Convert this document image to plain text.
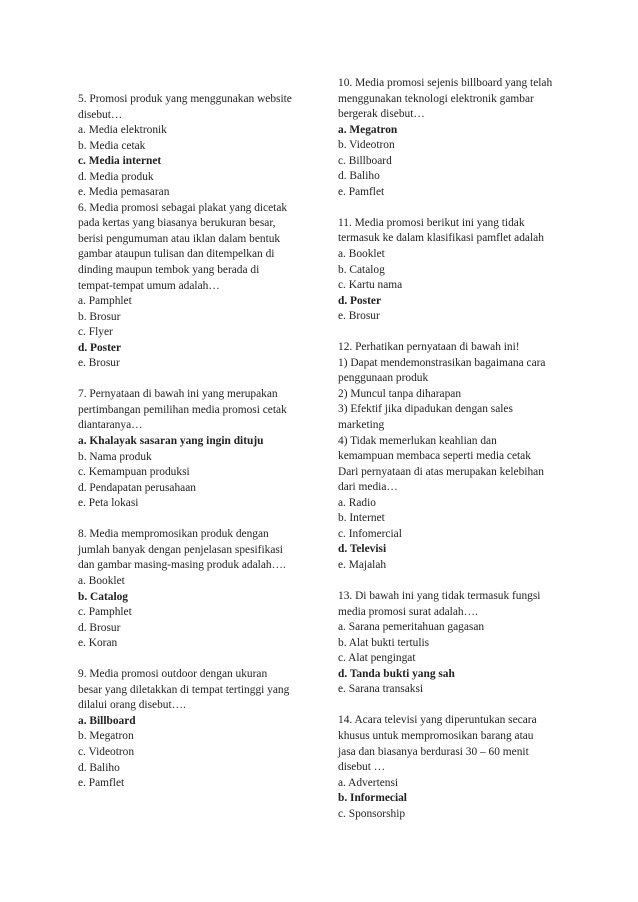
5. Promosi produk yang menggunakan website
disebut…
a. Media elektronik
b. Media cetak
c. Media internet
d. Media produk
e. Media pemasaran
6. Media promosi sebagai plakat yang dicetak
pada kertas yang biasanya berukuran besar,
berisi pengumuman atau iklan dalam bentuk
gambar ataupun tulisan dan ditempelkan di
dinding maupun tembok yang berada di
tempat-tempat umum adalah…
a. Pamphlet
b. Brosur
c. Flyer
d. Poster
e. Brosur
7. Pernyataan di bawah ini yang merupakan
pertimbangan pemilihan media promosi cetak
diantaranya…
a. Khalayak sasaran yang ingin dituju
b. Nama produk
c. Kemampuan produksi
d. Pendapatan perusahaan
e. Peta lokasi
8. Media mempromosikan produk dengan
jumlah banyak dengan penjelasan spesifikasi
dan gambar masing-masing produk adalah….
a. Booklet
b. Catalog
c. Pamphlet
d. Brosur
e. Koran
9. Media promosi outdoor dengan ukuran
besar yang diletakkan di tempat tertinggi yang
dilalui orang disebut….
a. Billboard
b. Megatron
c. Videotron
d. Baliho
e. Pamflet
10. Media promosi sejenis billboard yang telah
menggunakan teknologi elektronik gambar
bergerak disebut…
a. Megatron
b. Videotron
c. Billboard
d. Baliho
e. Pamflet
11. Media promosi berikut ini yang tidak
termasuk ke dalam klasifikasi pamflet adalah
a. Booklet
b. Catalog
c. Kartu nama
d. Poster
e. Brosur
12. Perhatikan pernyataan di bawah ini!
1) Dapat mendemonstrasikan bagaimana cara
penggunaan produk
2) Muncul tanpa diharapan
3) Efektif jika dipadukan dengan sales
marketing
4) Tidak memerlukan keahlian dan
kemampuan membaca seperti media cetak
Dari pernyataan di atas merupakan kelebihan
dari media…
a. Radio
b. Internet
c. Infomercial
d. Televisi
e. Majalah
13. Di bawah ini yang tidak termasuk fungsi
media promosi surat adalah….
a. Sarana pemeritahuan gagasan
b. Alat bukti tertulis
c. Alat pengingat
d. Tanda bukti yang sah
e. Sarana transaksi
14. Acara televisi yang diperuntukan secara
khusus untuk mempromosikan barang atau
jasa dan biasanya berdurasi 30 – 60 menit
disebut …
a. Advertensi
b. Informecial
c. Sponsorship
